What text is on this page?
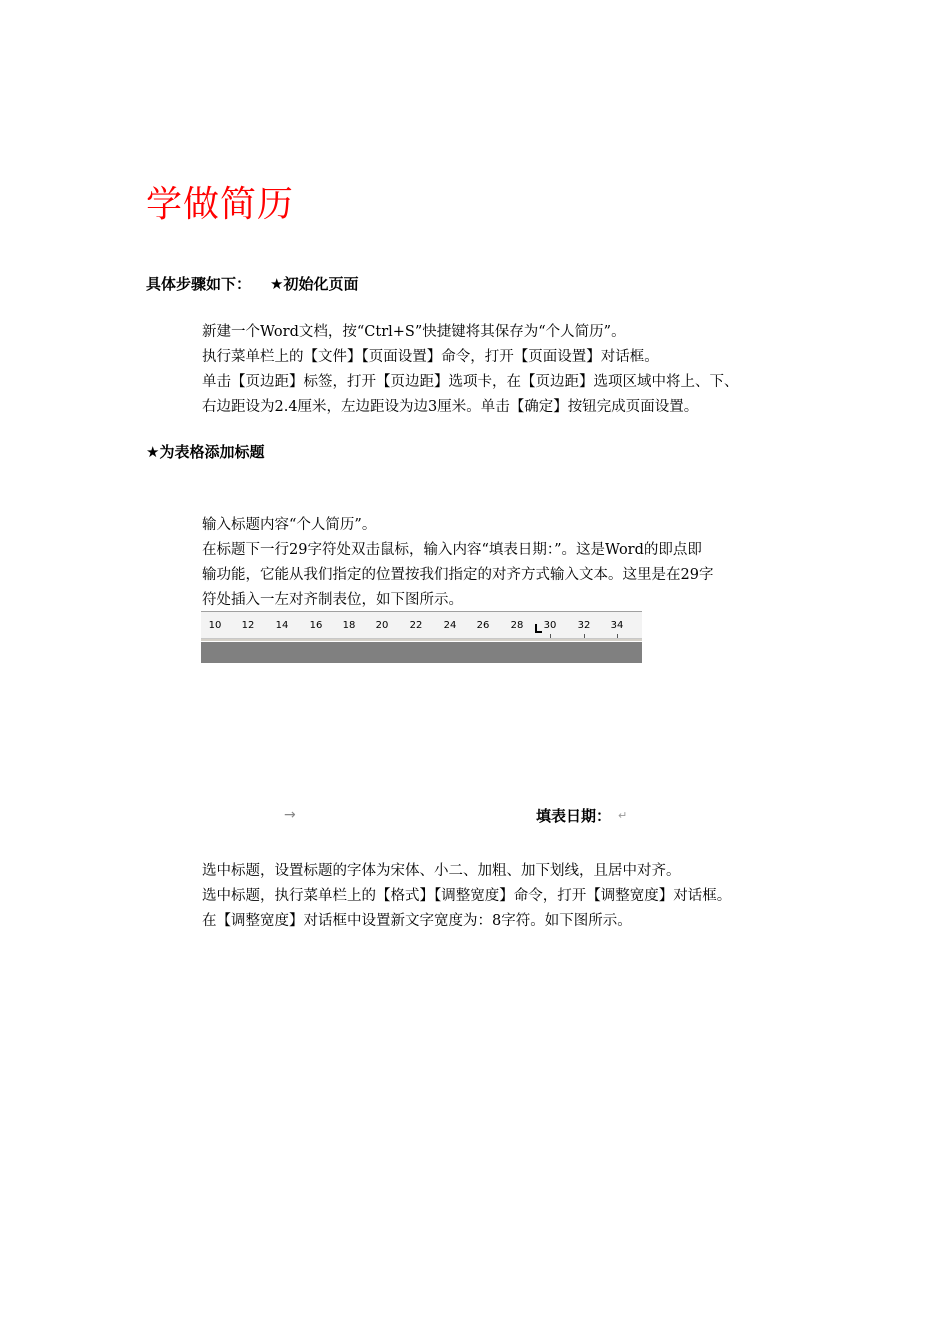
学做简历
具体步骤如下： ★初始化页面
新建一个Word文档，按“Ctrl+S”快捷键将其保存为“个人简历”。
执行菜单栏上的【文件】【页面设置】命令，打开【页面设置】对话框。
单击【页边距】标签，打开【页边距】选项卡，在【页边距】选项区域中将上、下、
右边距设为2.4厘米，左边距设为边3厘米。单击【确定】按钮完成页面设置。
★为表格添加标题
输入标题内容“个人简历”。
在标题下一行29字符处双击鼠标，输入内容“填表日期：”。这是Word的即点即
输功能，它能从我们指定的位置按我们指定的对齐方式输入文本。这里是在29字
符处插入一左对齐制表位，如下图所示。
10 12 14 16 18 20 22 24 26 28 30 32 34
→	填表日期： ↵
选中标题，设置标题的字体为宋体、小二、加粗、加下划线，且居中对齐。
选中标题，执行菜单栏上的【格式】【调整宽度】命令，打开【调整宽度】对话框。
在【调整宽度】对话框中设置新文字宽度为：8字符。如下图所示。
